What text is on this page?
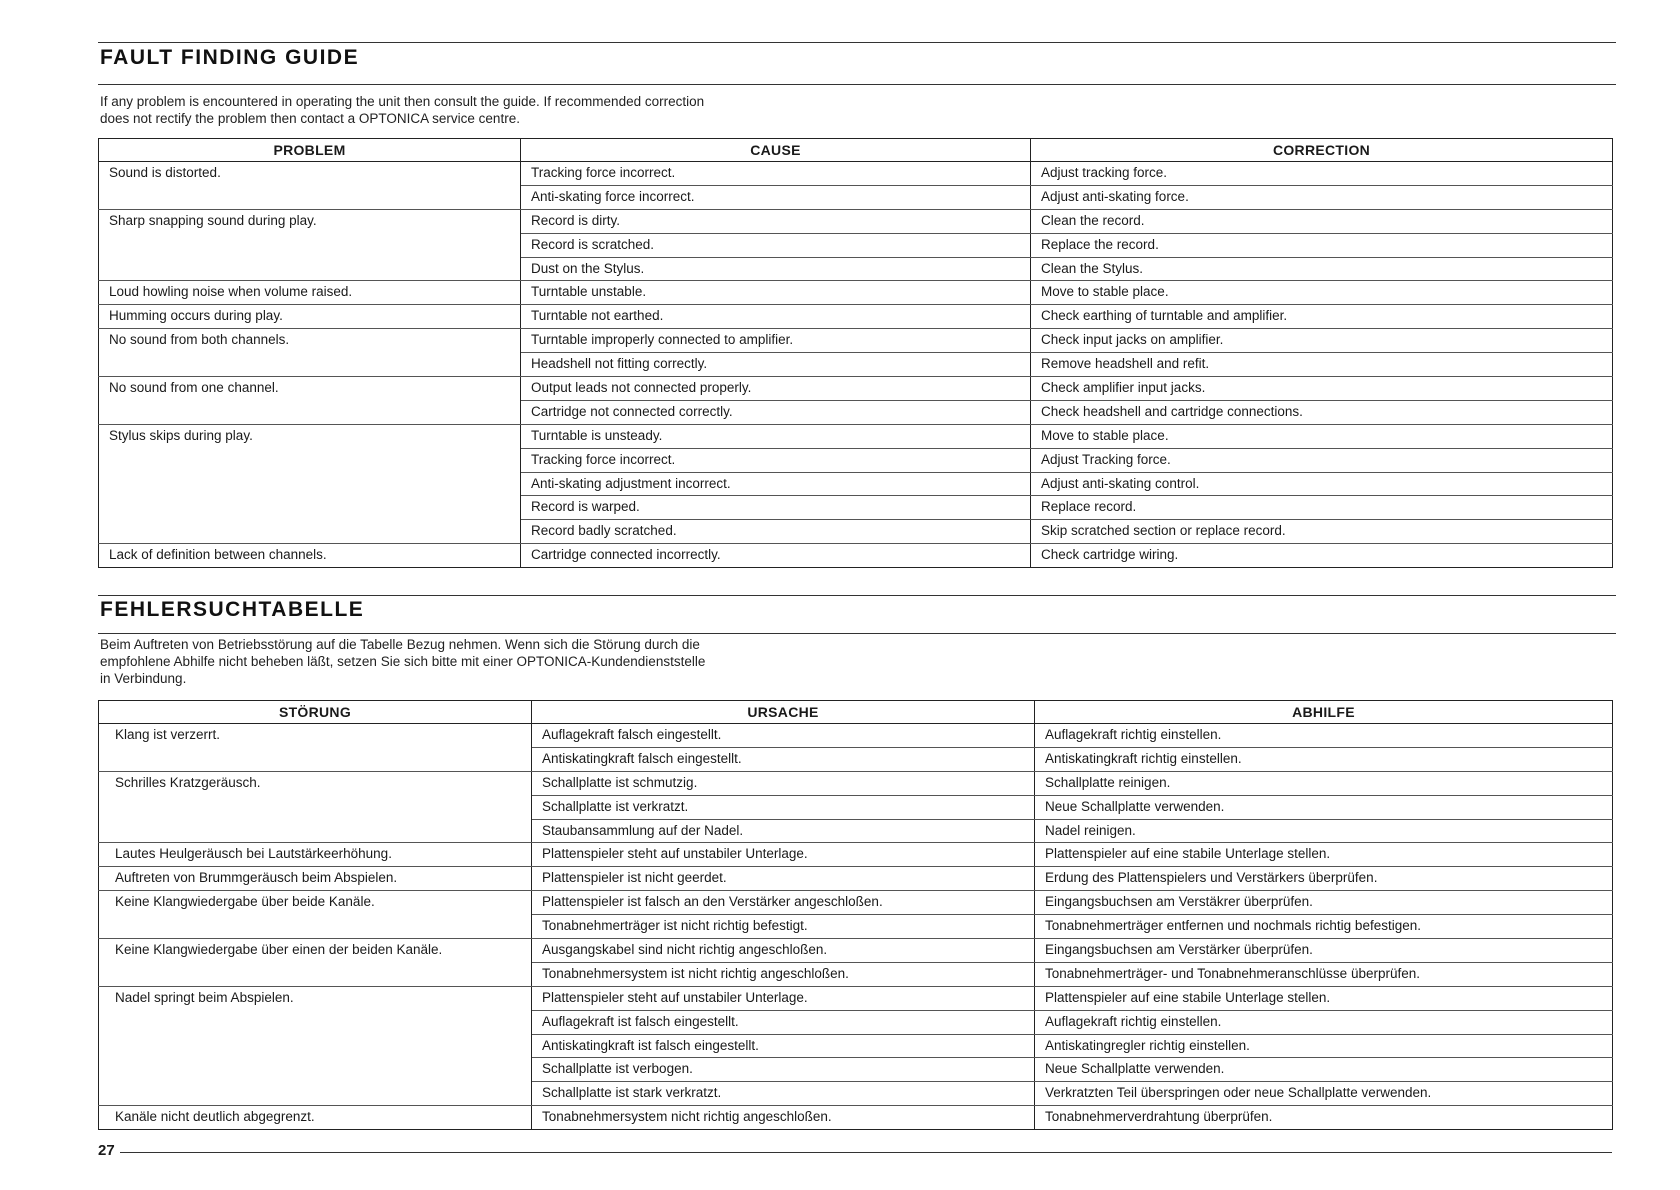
FAULT FINDING GUIDE
If any problem is encountered in operating the unit then consult the guide. If recommended correction
does not rectify the problem then contact a OPTONICA service centre.
PROBLEM	CAUSE	CORRECTION
Sound is distorted.	Tracking force incorrect.	Adjust tracking force.
	Anti-skating force incorrect.	Adjust anti-skating force.
Sharp snapping sound during play.	Record is dirty.	Clean the record.
	Record is scratched.	Replace the record.
	Dust on the Stylus.	Clean the Stylus.
Loud howling noise when volume raised.	Turntable unstable.	Move to stable place.
Humming occurs during play.	Turntable not earthed.	Check earthing of turntable and amplifier.
No sound from both channels.	Turntable improperly connected to amplifier.	Check input jacks on amplifier.
	Headshell not fitting correctly.	Remove headshell and refit.
No sound from one channel.	Output leads not connected properly.	Check amplifier input jacks.
	Cartridge not connected correctly.	Check headshell and cartridge connections.
Stylus skips during play.	Turntable is unsteady.	Move to stable place.
	Tracking force incorrect.	Adjust Tracking force.
	Anti-skating adjustment incorrect.	Adjust anti-skating control.
	Record is warped.	Replace record.
	Record badly scratched.	Skip scratched section or replace record.
Lack of definition between channels.	Cartridge connected incorrectly.	Check cartridge wiring.
FEHLERSUCHTABELLE
Beim Auftreten von Betriebsstörung auf die Tabelle Bezug nehmen. Wenn sich die Störung durch die
empfohlene Abhilfe nicht beheben läßt, setzen Sie sich bitte mit einer OPTONICA-Kundendienststelle
in Verbindung.
STÖRUNG	URSACHE	ABHILFE
Klang ist verzerrt.	Auflagekraft falsch eingestellt.	Auflagekraft richtig einstellen.
	Antiskatingkraft falsch eingestellt.	Antiskatingkraft richtig einstellen.
Schrilles Kratzgeräusch.	Schallplatte ist schmutzig.	Schallplatte reinigen.
	Schallplatte ist verkratzt.	Neue Schallplatte verwenden.
	Staubansammlung auf der Nadel.	Nadel reinigen.
Lautes Heulgeräusch bei Lautstärkeerhöhung.	Plattenspieler steht auf unstabiler Unterlage.	Plattenspieler auf eine stabile Unterlage stellen.
Auftreten von Brummgeräusch beim Abspielen.	Plattenspieler ist nicht geerdet.	Erdung des Plattenspielers und Verstärkers überprüfen.
Keine Klangwiedergabe über beide Kanäle.	Plattenspieler ist falsch an den Verstärker angeschloßen.	Eingangsbuchsen am Verstäkrer überprüfen.
	Tonabnehmerträger ist nicht richtig befestigt.	Tonabnehmerträger entfernen und nochmals richtig befestigen.
Keine Klangwiedergabe über einen der beiden Kanäle.	Ausgangskabel sind nicht richtig angeschloßen.	Eingangsbuchsen am Verstärker überprüfen.
	Tonabnehmersystem ist nicht richtig angeschloßen.	Tonabnehmerträger- und Tonabnehmeranschlüsse überprüfen.
Nadel springt beim Abspielen.	Plattenspieler steht auf unstabiler Unterlage.	Plattenspieler auf eine stabile Unterlage stellen.
	Auflagekraft ist falsch eingestellt.	Auflagekraft richtig einstellen.
	Antiskatingkraft ist falsch eingestellt.	Antiskatingregler richtig einstellen.
	Schallplatte ist verbogen.	Neue Schallplatte verwenden.
	Schallplatte ist stark verkratzt.	Verkratzten Teil überspringen oder neue Schallplatte verwenden.
Kanäle nicht deutlich abgegrenzt.	Tonabnehmersystem nicht richtig angeschloßen.	Tonabnehmerverdrahtung überprüfen.
27
